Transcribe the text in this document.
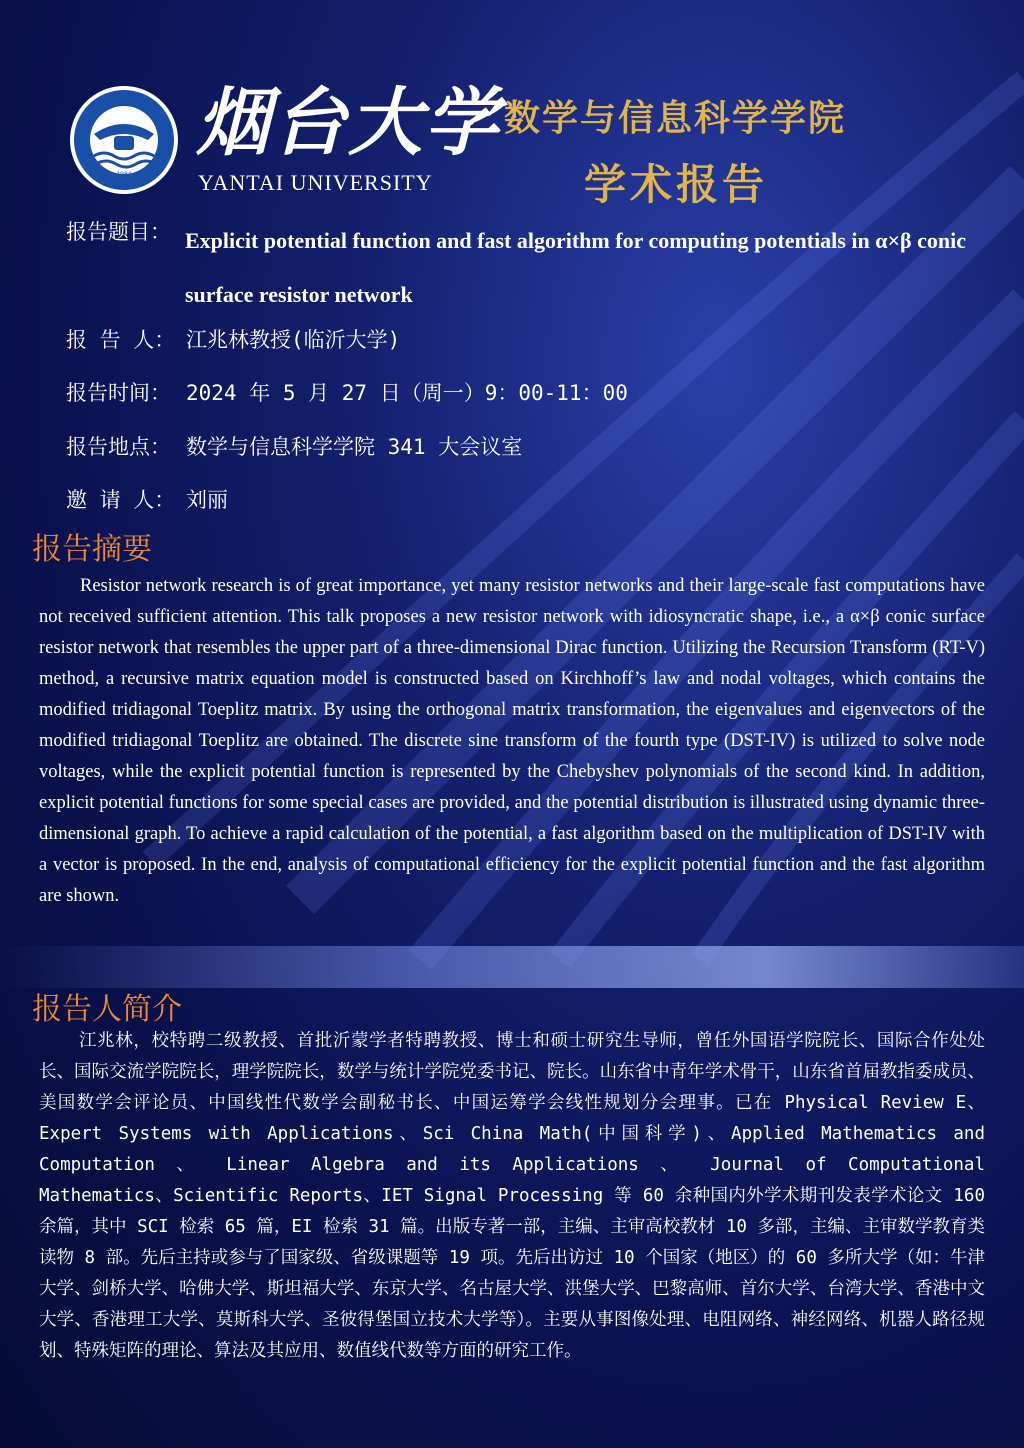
1984
烟台大学
YANTAI UNIVERSITY
数学与信息科学学院
学术报告
报告题目： Explicit potential function and fast algorithm for computing potentials in α×β conic surface resistor network
报 告 人： 江兆林教授(临沂大学)
报告时间： 2024 年 5 月 27 日（周一）9：00-11：00
报告地点： 数学与信息科学学院 341 大会议室
邀 请 人： 刘丽
报告摘要
Resistor network research is of great importance, yet many resistor networks and their large-scale fast computations have not received sufficient attention. This talk proposes a new resistor network with idiosyncratic shape, i.e., a α×β conic surface resistor network that resembles the upper part of a three-dimensional Dirac function. Utilizing the Recursion Transform (RT-V) method, a recursive matrix equation model is constructed based on Kirchhoff’s law and nodal voltages, which contains the modified tridiagonal Toeplitz matrix. By using the orthogonal matrix transformation, the eigenvalues and eigenvectors of the modified tridiagonal Toeplitz are obtained. The discrete sine transform of the fourth type (DST-IV) is utilized to solve node voltages, while the explicit potential function is represented by the Chebyshev polynomials of the second kind. In addition, explicit potential functions for some special cases are provided, and the potential distribution is illustrated using dynamic three-dimensional graph. To achieve a rapid calculation of the potential, a fast algorithm based on the multiplication of DST-IV with a vector is proposed. In the end, analysis of computational efficiency for the explicit potential function and the fast algorithm are shown.
报告人简介
江兆林，校特聘二级教授、首批沂蒙学者特聘教授、博士和硕士研究生导师，曾任外国语学院院长、国际合作处处长、国际交流学院院长，理学院院长，数学与统计学院党委书记、院长。山东省中青年学术骨干，山东省首届教指委成员、美国数学会评论员、中国线性代数学会副秘书长、中国运筹学会线性规划分会理事。已在 Physical Review E、Expert Systems with Applications、Sci China Math(中国科学)、Applied Mathematics and Computation 、 Linear Algebra and its Applications 、 Journal of Computational Mathematics、Scientific Reports、IET Signal Processing 等 60 余种国内外学术期刊发表学术论文 160 余篇，其中 SCI 检索 65 篇，EI 检索 31 篇。出版专著一部，主编、主审高校教材 10 多部，主编、主审数学教育类读物 8 部。先后主持或参与了国家级、省级课题等 19 项。先后出访过 10 个国家（地区）的 60 多所大学（如：牛津大学、剑桥大学、哈佛大学、斯坦福大学、东京大学、名古屋大学、洪堡大学、巴黎高师、首尔大学、台湾大学、香港中文大学、香港理工大学、莫斯科大学、圣彼得堡国立技术大学等）。主要从事图像处理、电阻网络、神经网络、机器人路径规划、特殊矩阵的理论、算法及其应用、数值线代数等方面的研究工作。
